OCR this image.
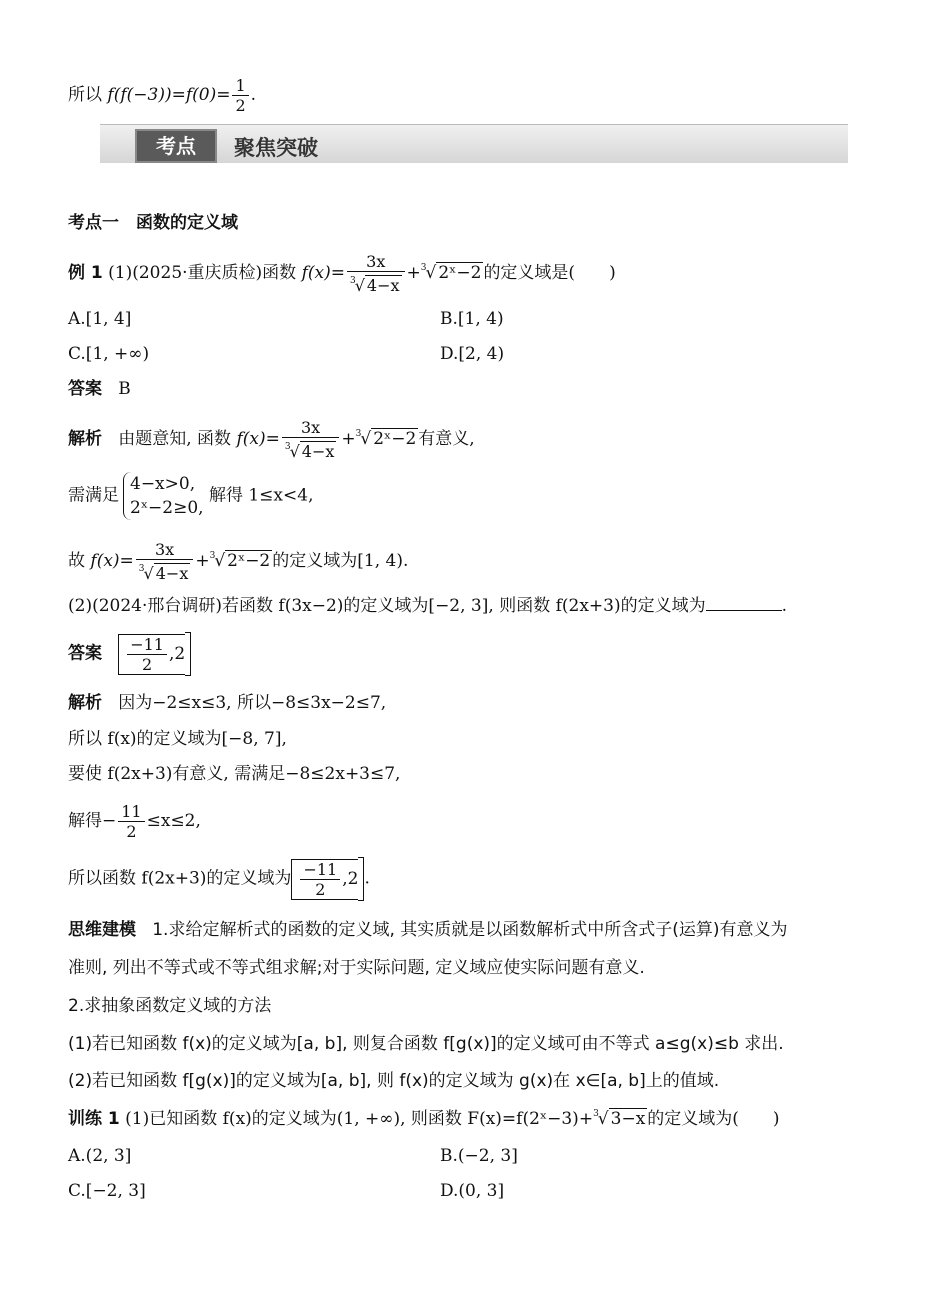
所以 $f(f(-3))=f(0)= \frac{1}{2}$ .
考点	聚焦突破
考点一　函数的定义域
例 1 (1)(2025·重庆质检)函数 $f(x)= \frac{3x}{^3√ 4-x} +^3√$ 2ˣ−2 的定义域是(　　)
A.[1, 4]	B.[1, 4)
C.[1, +∞)	D.[2, 4)
答案 B
解析 由题意知, 函数 $f(x)= \frac{3x}{^3√ 4-x} +^3√$ 2ˣ−2 有意义,
需满足
4−x>0,
2ˣ−2≥0,
解得 1≤x<4,
故 $f(x)= \frac{3x}{^3√ 4-x} +^3√$ 2ˣ−2 的定义域为[1, 4).
(2)(2024·邢台调研)若函数 f(3x−2)的定义域为[−2, 3], 则函数 f(2x+3)的定义域为	.
答案 $\frac{-11}{2} ,2$
解析 因为−2≤x≤3, 所以−8≤3x−2≤7,
所以 f(x)的定义域为[−8, 7],
要使 f(2x+3)有意义, 需满足−8≤2x+3≤7,
解得− $\frac{11}{2} \le x\le 2$,
所以函数 f(2x+3)的定义域为 $\frac{-11}{2} ,2$ .
思维建模 1.求给定解析式的函数的定义域, 其实质就是以函数解析式中所含式子(运算)有意义为
准则, 列出不等式或不等式组求解;对于实际问题, 定义域应使实际问题有意义.
2.求抽象函数定义域的方法
(1)若已知函数 f(x)的定义域为[a, b], 则复合函数 f[g(x)]的定义域可由不等式 a≤g(x)≤b 求出.
(2)若已知函数 f[g(x)]的定义域为[a, b], 则 f(x)的定义域为 g(x)在 x∈[a, b]上的值域.
训练 1 (1)已知函数 f(x)的定义域为(1, +∞), 则函数 F(x)=f(2ˣ−3)+$^3$√ 3−x 的定义域为(　　)
A.(2, 3]	B.(−2, 3]
C.[−2, 3]	D.(0, 3]
